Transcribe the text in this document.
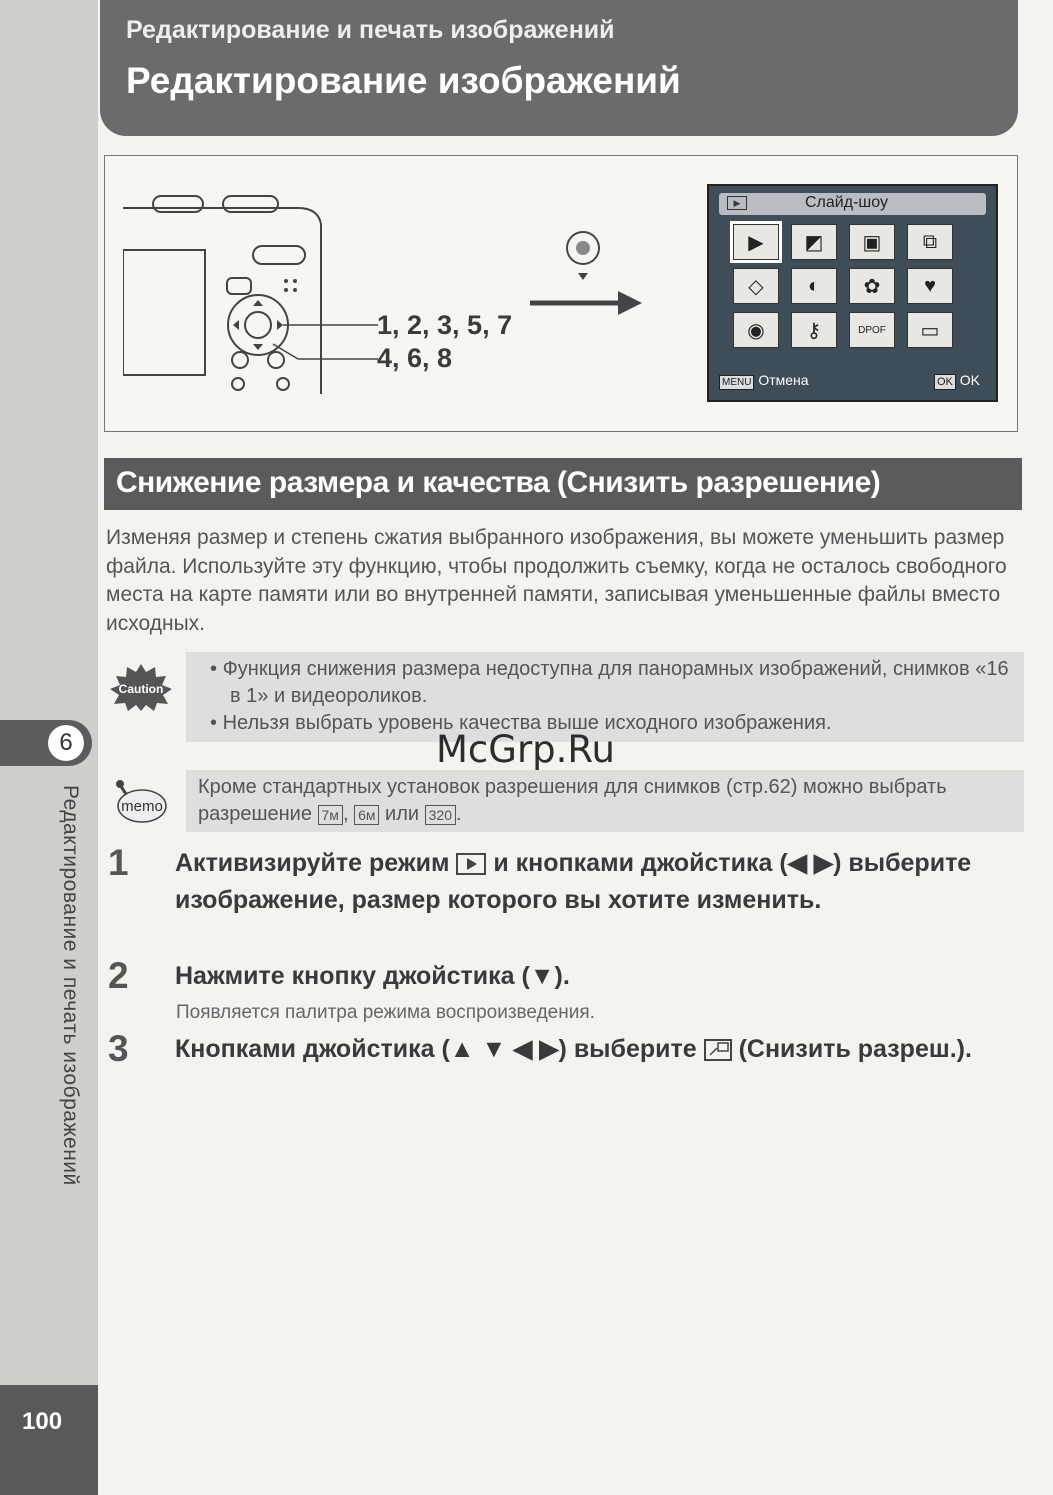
100
6
Редактирование и печать изображений
Редактирование и печать изображений
Редактирование изображений
1, 2, 3, 5, 7
4, 6, 8
▶	Слайд-шоу
▶	◩	▣	⧉
◇	◐	✿	♥
◉	⚷	DPOF	▭
MENU Отмена	OK OK
Снижение размера и качества (Снизить разрешение)
Изменяя размер и степень сжатия выбранного изображения, вы можете уменьшить размер файла. Используйте эту функцию, чтобы продолжить съемку, когда не осталось свободного места на карте памяти или во внутренней памяти, записывая уменьшенные файлы вместо исходных.
Caution

• Функция снижения размера недоступна для панорамных изображений, снимков «16 в 1» и видеороликов.

• Нельзя выбрать уровень качества выше исходного изображения.

memo

Кроме стандартных установок разрешения для снимков (стр.62) можно выбрать разрешение 7м , 6м или 320 .

McGrp.Ru
1 Активизируйте режим и кнопками джойстика (◀ ▶) выберите изображение, размер которого вы хотите изменить.
2 Нажмите кнопку джойстика (▼).
Появляется палитра режима воспроизведения.
3 Кнопками джойстика (▲ ▼ ◀ ▶) выберите (Снизить разреш.).
